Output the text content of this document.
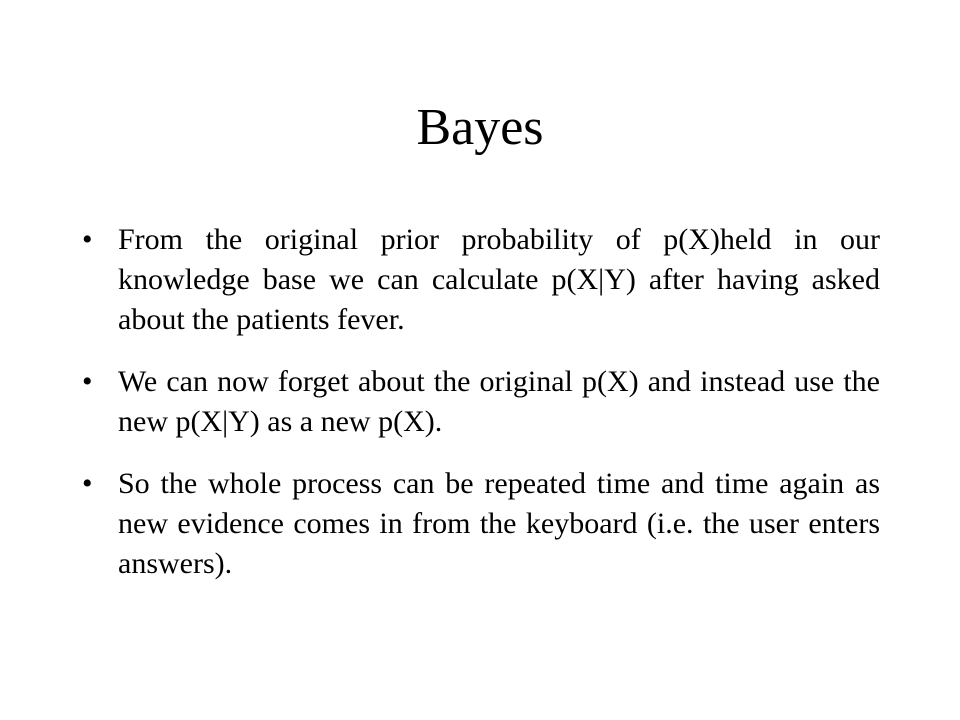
Bayes
• From the original prior probability of p(X)held in our knowledge base we can calculate p(X|Y) after having asked about the patients fever.
• We can now forget about the original p(X) and instead use the new p(X|Y) as a new p(X).
• So the whole process can be repeated time and time again as new evidence comes in from the keyboard (i.e. the user enters answers).
